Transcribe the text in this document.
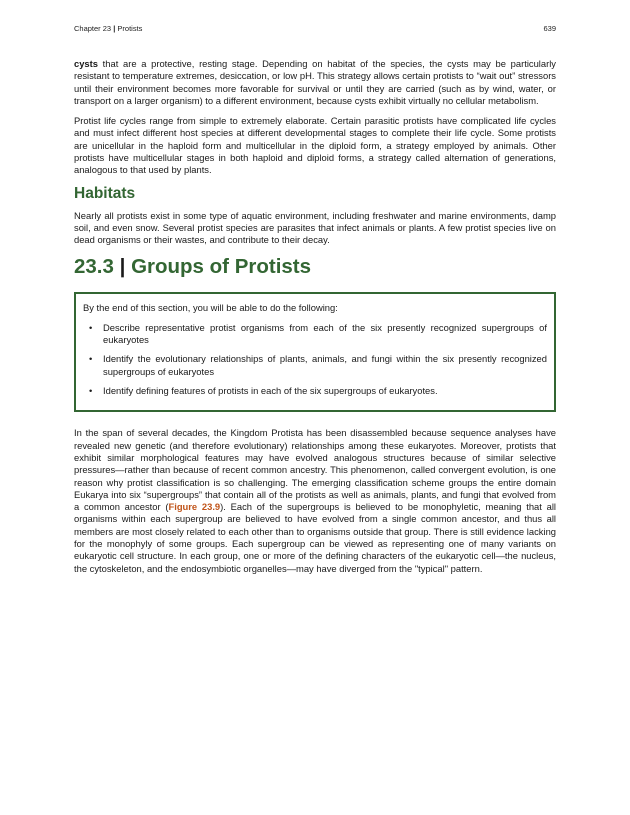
Chapter 23 | Protists	639

cysts that are a protective, resting stage. Depending on habitat of the species, the cysts may be particularly resistant to temperature extremes, desiccation, or low pH. This strategy allows certain protists to “wait out” stressors until their environment becomes more favorable for survival or until they are carried (such as by wind, water, or transport on a larger organism) to a different environment, because cysts exhibit virtually no cellular metabolism.

Protist life cycles range from simple to extremely elaborate. Certain parasitic protists have complicated life cycles and must infect different host species at different developmental stages to complete their life cycle. Some protists are unicellular in the haploid form and multicellular in the diploid form, a strategy employed by animals. Other protists have multicellular stages in both haploid and diploid forms, a strategy called alternation of generations, analogous to that used by plants.

Habitats

Nearly all protists exist in some type of aquatic environment, including freshwater and marine environments, damp soil, and even snow. Several protist species are parasites that infect animals or plants. A few protist species live on dead organisms or their wastes, and contribute to their decay.

23.3 | Groups of Protists

By the end of this section, you will be able to do the following:

• Describe representative protist organisms from each of the six presently recognized supergroups of eukaryotes
• Identify the evolutionary relationships of plants, animals, and fungi within the six presently recognized supergroups of eukaryotes
• Identify defining features of protists in each of the six supergroups of eukaryotes.

In the span of several decades, the Kingdom Protista has been disassembled because sequence analyses have revealed new genetic (and therefore evolutionary) relationships among these eukaryotes. Moreover, protists that exhibit similar morphological features may have evolved analogous structures because of similar selective pressures—rather than because of recent common ancestry. This phenomenon, called convergent evolution, is one reason why protist classification is so challenging. The emerging classification scheme groups the entire domain Eukarya into six “supergroups” that contain all of the protists as well as animals, plants, and fungi that evolved from a common ancestor (Figure 23.9). Each of the supergroups is believed to be monophyletic, meaning that all organisms within each supergroup are believed to have evolved from a single common ancestor, and thus all members are most closely related to each other than to organisms outside that group. There is still evidence lacking for the monophyly of some groups. Each supergroup can be viewed as representing one of many variants on eukaryotic cell structure. In each group, one or more of the defining characters of the eukaryotic cell—the nucleus, the cytoskeleton, and the endosymbiotic organelles—may have diverged from the "typical" pattern.
